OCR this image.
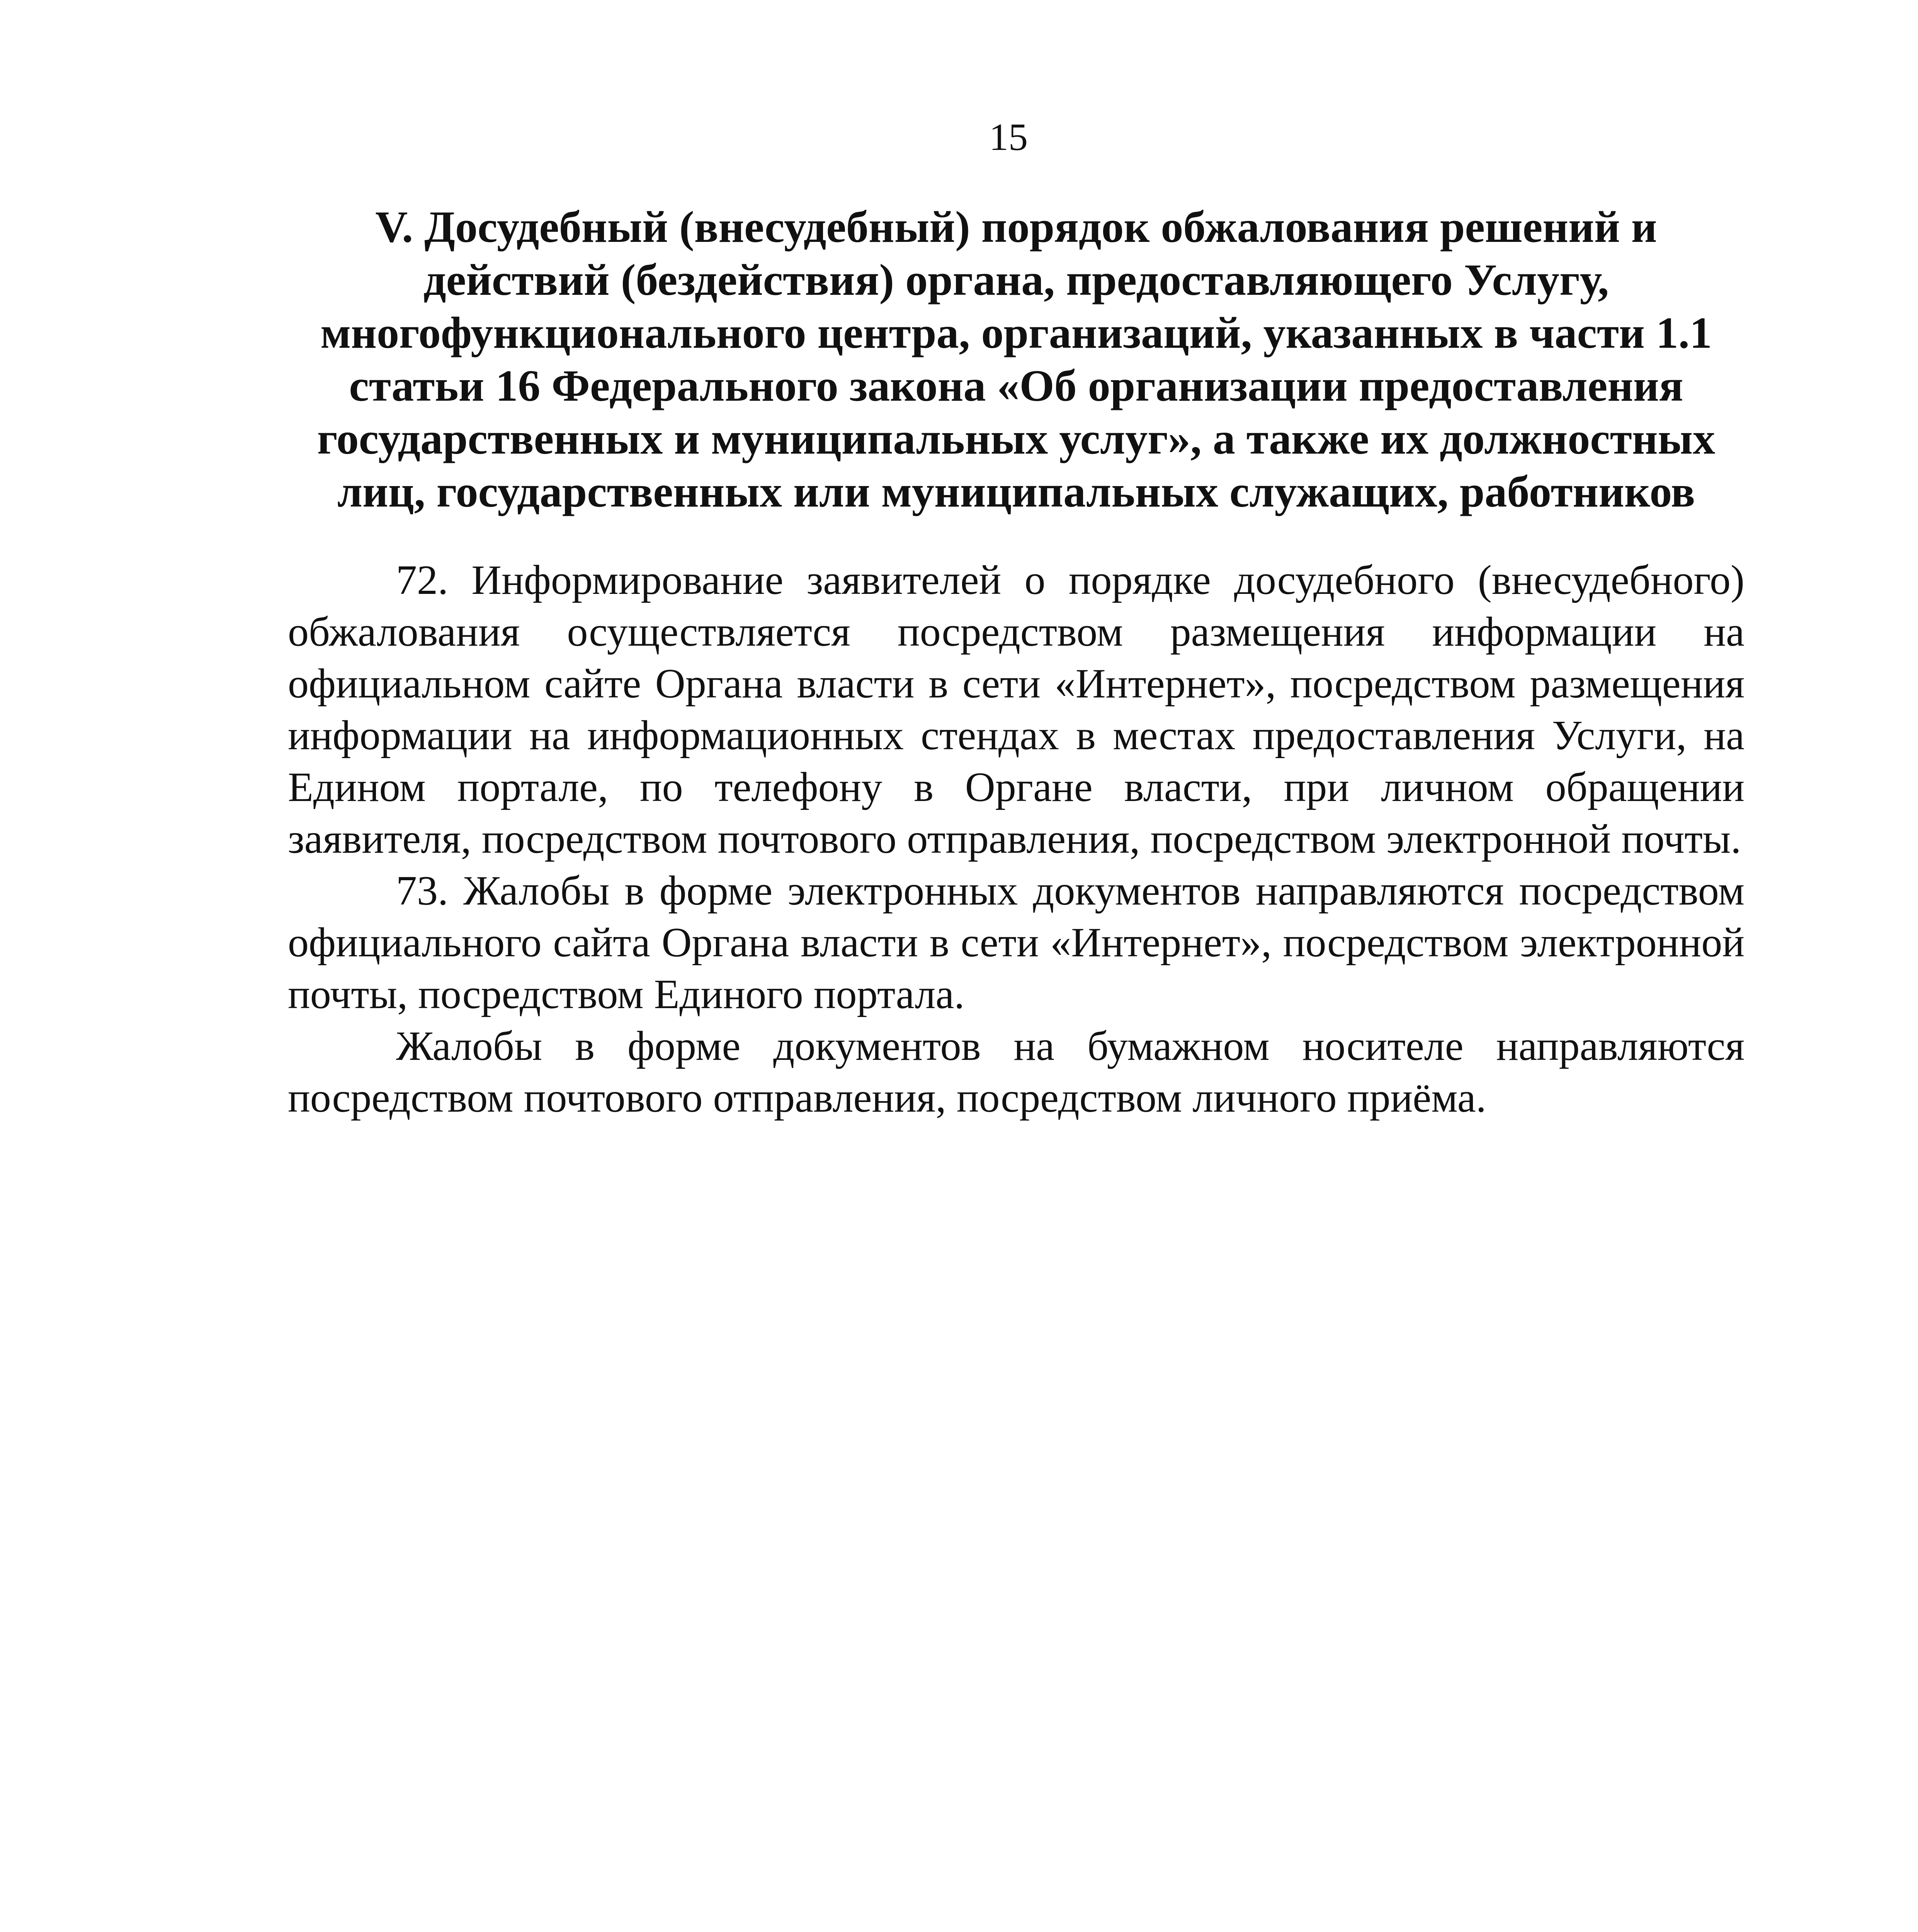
15
V. Досудебный (внесудебный) порядок обжалования решений и
действий (бездействия) органа, предоставляющего Услугу,
многофункционального центра, организаций, указанных в части 1.1
статьи 16 Федерального закона «Об организации предоставления
государственных и муниципальных услуг», а также их должностных
лиц, государственных или муниципальных служащих, работников

72. Информирование заявителей о порядке досудебного (внесудебного) обжалования осуществляется посредством размещения информации на официальном сайте Органа власти в сети «Интернет», посредством размещения информации на информационных стендах в местах предоставления Услуги, на Едином портале, по телефону в Органе власти, при личном обращении заявителя, посредством почтового отправления, посредством электронной почты.

73. Жалобы в форме электронных документов направляются посредством официального сайта Органа власти в сети «Интернет», посредством электронной почты, посредством Единого портала.

Жалобы в форме документов на бумажном носителе направляются посредством почтового отправления, посредством личного приёма.
